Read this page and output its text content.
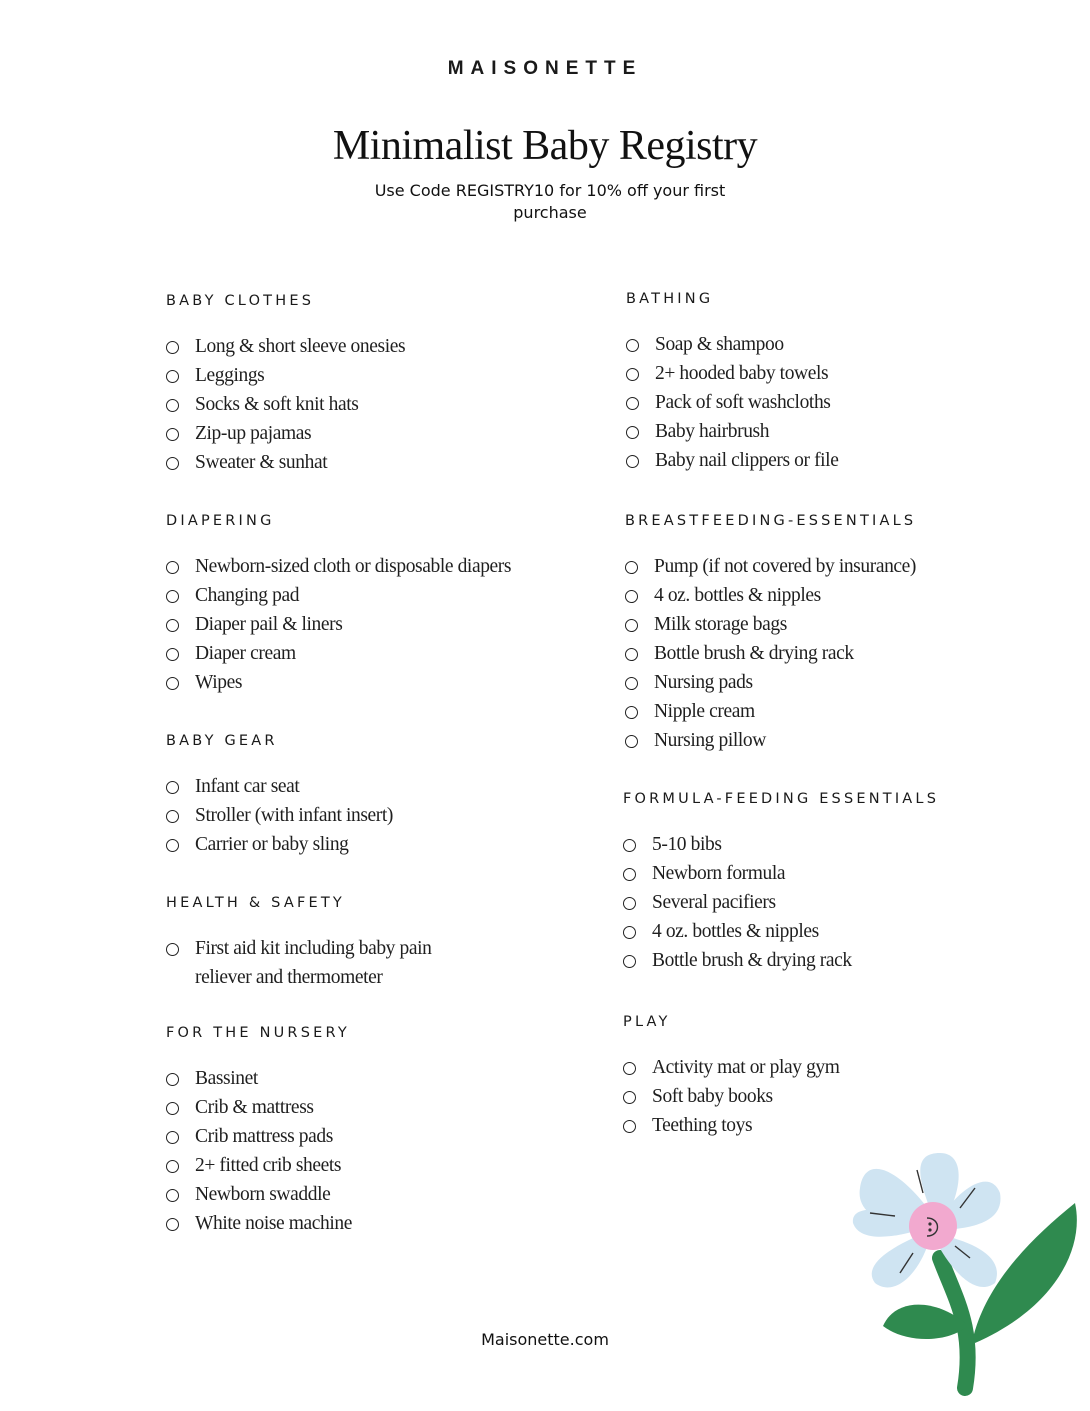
MAISONETTE
Minimalist Baby Registry
Use Code REGISTRY10 for 10% off your first purchase
BABY CLOTHES
Long & short sleeve onesies
Leggings
Socks & soft knit hats
Zip-up pajamas
Sweater & sunhat
DIAPERING
Newborn-sized cloth or disposable diapers
Changing pad
Diaper pail & liners
Diaper cream
Wipes
BABY GEAR
Infant car seat
Stroller (with infant insert)
Carrier or baby sling
HEALTH & SAFETY
First aid kit including baby pain reliever and thermometer
FOR THE NURSERY
Bassinet
Crib & mattress
Crib mattress pads
2+ fitted crib sheets
Newborn swaddle
White noise machine
BATHING
Soap & shampoo
2+ hooded baby towels
Pack of soft washcloths
Baby hairbrush
Baby nail clippers or file
BREASTFEEDING-ESSENTIALS
Pump (if not covered by insurance)
4 oz. bottles & nipples
Milk storage bags
Bottle brush & drying rack
Nursing pads
Nipple cream
Nursing pillow
FORMULA-FEEDING ESSENTIALS
5-10 bibs
Newborn formula
Several pacifiers
4 oz. bottles & nipples
Bottle brush & drying rack
PLAY
Activity mat or play gym
Soft baby books
Teething toys
Maisonette.com
